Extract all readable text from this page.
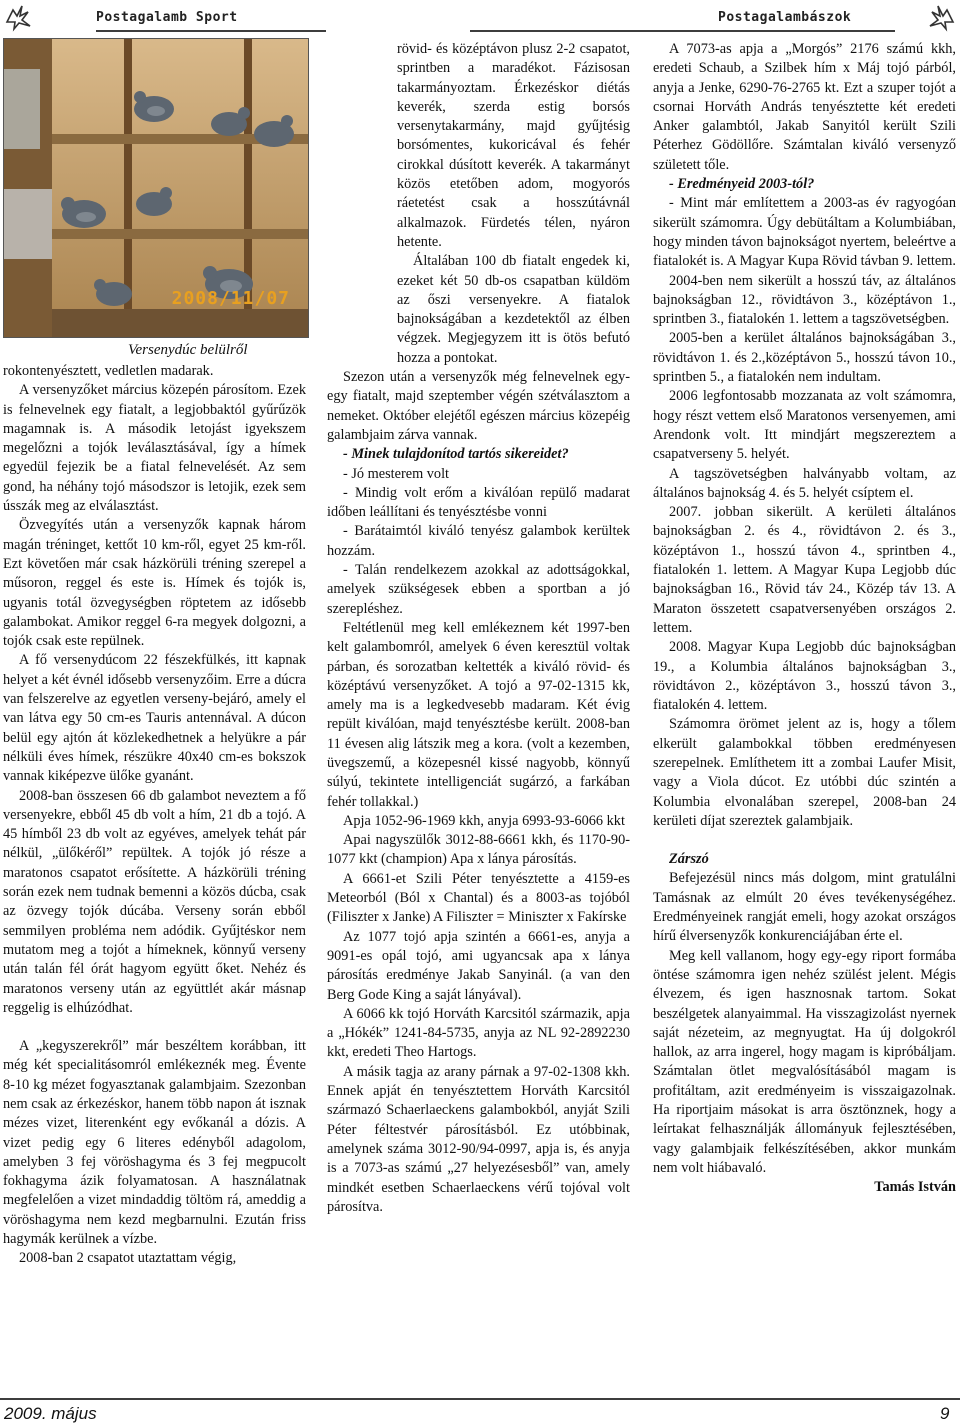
Postagalamb Sport	Postagalambászok
2008/11/07
Versenydúc belülről

rokontenyésztett, vedletlen madarak.

A versenyzőket március közepén párosítom. Ezek is felnevelnek egy fiatalt, a legjobbaktól gyűrűzök magamnak is. A második letojást igyekszem megelőzni a tojók leválasztásával, így a hímek egyedül fejezik be a fiatal felnevelését. Az sem gond, ha néhány tojó másodszor is letojik, ezek sem ússzák meg az elválasztást.

Özvegyítés után a versenyzők kapnak három magán tréninget, kettőt 10 km-ről, egyet 25 km-ről. Ezt követően már csak házkörüli tréning szerepel a műsoron, reggel és este is. Hímek és tojók is, ugyanis totál özvegységben röptetem az idősebb galambokat. Amikor reggel 6-ra megyek dolgozni, a tojók csak este repülnek.

A fő versenydúcom 22 fészekfülkés, itt kapnak helyet a két évnél idősebb versenyzőim. Erre a dúcra van felszerelve az egyetlen verseny-bejáró, amely el van látva egy 50 cm-es Tauris antennával. A dúcon belül egy ajtón át közlekedhetnek a helyükre a pár nélküli éves hímek, részükre 40x40 cm-es bokszok vannak kiképezve ülőke gyanánt.

2008-ban összesen 66 db galambot neveztem a fő versenyekre, ebből 45 db volt a hím, 21 db a tojó. A 45 hímből 23 db volt az egyéves, amelyek tehát pár nélkül, „ülőkéről” repültek. A tojók jó része a maratonos csapatot erősítette. A házkörüli tréning során ezek nem tudnak bemenni a közös dúcba, csak az özvegy tojók dúcába. Verseny során ebből semmilyen probléma nem adódik. Gyűjtéskor nem mutatom meg a tojót a hímeknek, könnyű verseny után talán fél órát hagyom együtt őket. Nehéz és maratonos verseny után az együttlét akár másnap reggelig is elhúzódhat.

A „kegyszerekről” már beszéltem korábban, itt még két specialitásomról emlékeznék meg. Évente 8-10 kg mézet fogyasztanak galambjaim. Szezonban nem csak az érkezéskor, hanem több napon át isznak mézes vizet, literenként egy evőkanál a dózis. A vizet pedig egy 6 literes edényből adagolom, amelyben 3 fej vöröshagyma és 3 fej megpucolt fokhagyma ázik folyamatosan. A használatnak megfelelően a vizet mindaddig töltöm rá, ameddig a vöröshagyma nem kezd megbarnulni. Ezután friss hagymák kerülnek a vízbe.

2008-ban 2 csapatot utaztattam végig,

rövid- és középtávon plusz 2-2 csapatot, sprintben a maradékot. Fázisosan takarmányoztam. Érkezéskor diétás keverék, szerda estig borsós versenytakarmány, majd gyűjtésig borsómentes, kukoricával és fehér cirokkal dúsított keverék. A takarmányt közös etetőben adom, mogyorós ráetetést csak a hosszútávnál alkalmazok. Fürdetés télen, nyáron hetente.

Általában 100 db fiatalt engedek ki, ezeket két 50 db-os csapatban küldöm az őszi versenyekre. A fiatalok bajnokságában a kezdetektől az élben végzek. Megjegyzem itt is ötös befutó hozza a pontokat.

Szezon után a versenyzők még felnevelnek egy-egy fiatalt, majd szeptember végén szétválasztom a nemeket. Október elejétől egészen március közepéig galambjaim zárva vannak.

- Minek tulajdonítod tartós sikereidet?

- Jó mesterem volt

- Mindig volt erőm a kiválóan repülő madarat időben leállítani és tenyésztésbe vonni

- Barátaimtól kiváló tenyész galambok kerültek hozzám.

- Talán rendelkezem azokkal az adottságokkal, amelyek szükségesek ebben a sportban a jó szerepléshez.

Feltétlenül meg kell emlékeznem két 1997-ben kelt galambomról, amelyek 6 éven keresztül voltak párban, és sorozatban keltették a kiváló rövid- és középtávú versenyzőket. A tojó a 97-02-1315 kk, amely ma is a legkedvesebb madaram. Két évig repült kiválóan, majd tenyésztésbe került. 2008-ban 11 évesen alig látszik meg a kora. (volt a kezemben, üvegszemű, a közepesnél kissé nagyobb, könnyű súlyú, tekintete intelligenciát sugárzó, a farkában fehér tollakkal.)

Apja 1052-96-1969 kkh, anyja 6993-93-6066 kkt

Apai nagyszülők 3012-88-6661 kkh, és 1170-90-1077 kkt (champion) Apa x lánya párosítás.

A 6661-et Szili Péter tenyésztette a 4159-es Meteorból (Ból x Chantal) és a 8003-as tojóból (Filiszter x Janke) A Filiszter = Miniszter x Fakírske

Az 1077 tojó apja szintén a 6661-es, anyja a 9091-es opál tojó, ami ugyancsak apa x lánya párosítás eredménye Jakab Sanyinál. (a van den Berg Gode King a saját lányával).

A 6066 kk tojó Horváth Karcsitól származik, apja a „Hókék” 1241-84-5735, anyja az NL 92-2892230 kkt, eredeti Theo Hartogs.

A másik tagja az arany párnak a 97-02-1308 kkh. Ennek apját én tenyésztettem Horváth Karcsitól származó Schaerlaeckens galambokból, anyját Szili Péter féltestvér párosításból. Ez utóbbinak, amelynek száma 3012-90/94-0997, apja is, és anyja is a 7073-as számú „27 helyezésesből” van, amely mindkét esetben Schaerlaeckens vérű tojóval volt párosítva.

A 7073-as apja a „Morgós” 2176 számú kkh, eredeti Schaub, a Szilbek hím x Máj tojó párból, anyja a Jenke, 6290-76-2765 kt. Ezt a szuper tojót a csornai Horváth András tenyésztette két eredeti Anker galambtól, Jakab Sanyitól került Szili Péterhez Gödöllőre. Számtalan kiváló versenyző született tőle.

- Eredményeid 2003-tól?

- Mint már említettem a 2003-as év ragyogóan sikerült számomra. Úgy debütáltam a Kolumbiában, hogy minden távon bajnokságot nyertem, beleértve a fiatalokét is. A Magyar Kupa Rövid távban 9. lettem.

2004-ben nem sikerült a hosszú táv, az általános bajnokságban 12., rövidtávon 3., középtávon 1., sprintben 3., fiatalokén 1. lettem a tagszövetségben.

2005-ben a kerület általános bajnokságában 3., rövidtávon 1. és 2.,középtávon 5., hosszú távon 10., sprintben 5., a fiatalokén nem indultam.

2006 legfontosabb mozzanata az volt számomra, hogy részt vettem első Maratonos versenyemen, ami Arendonk volt. Itt mindjárt megszereztem a csapatverseny 5. helyét.

A tagszövetségben halványabb voltam, az általános bajnokság 4. és 5. helyét csíptem el.

2007. jobban sikerült. A kerületi általános bajnokságban 2. és 4., rövidtávon 2. és 3., középtávon 1., hosszú távon 4., sprintben 4., fiatalokén 1. lettem. A Magyar Kupa Legjobb dúc bajnokságban 16., Rövid táv 24., Közép táv 13. A Maraton összetett csapatversenyében országos 2. lettem.

2008. Magyar Kupa Legjobb dúc bajnokságban 19., a Kolumbia általános bajnokságban 3., rövidtávon 2., középtávon 3., hosszú távon 3., fiatalokén 4. lettem.

Számomra örömet jelent az is, hogy a tőlem elkerült galambokkal többen eredményesen szerepelnek. Említhetem itt a zombai Laufer Misit, vagy a Viola dúcot. Ez utóbbi dúc szintén a Kolumbia elvonalában szerepel, 2008-ban 24 kerületi díjat szereztek galambjaik.

Zárszó

Befejezésül nincs más dolgom, mint gratulálni Tamásnak az elmúlt 20 éves tevékenységéhez. Eredményeinek rangját emeli, hogy azokat országos hírű élversenyzők konkurenciájában érte el.

Meg kell vallanom, hogy egy-egy riport formába öntése számomra igen nehéz szülést jelent. Mégis élvezem, és igen hasznosnak tartom. Sokat beszélgetek alanyaimmal. Ha visszagizolást nyernek saját nézeteim, az megnyugtat. Ha új dolgokról hallok, az arra ingerel, hogy magam is kipróbáljam. Számtalan ötlet megvalósításából magam is profitáltam, azit eredményeim is visszaigazolnak. Ha riportjaim másokat is arra ösztönznek, hogy a leírtakat felhasználják állományuk fejlesztésében, vagy galambjaik felkészítésében, akkor munkám nem volt hiábavaló.

Tamás István

2009. május	9
